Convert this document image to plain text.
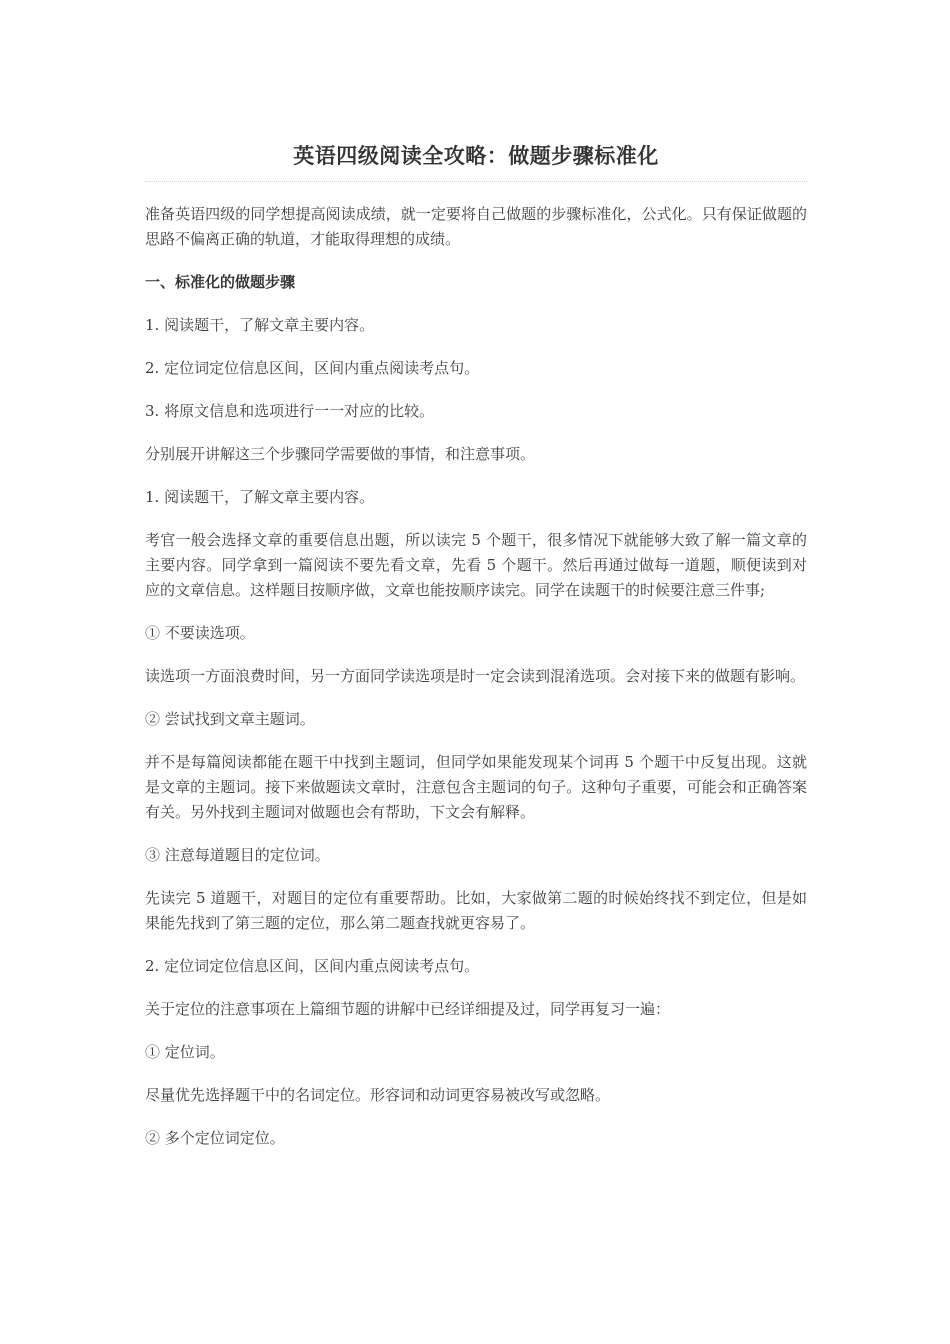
英语四级阅读全攻略：做题步骤标准化

准备英语四级的同学想提高阅读成绩，就一定要将自己做题的步骤标准化，公式化。只有保证做题的思路不偏离正确的轨道，才能取得理想的成绩。

一、标准化的做题步骤

1. 阅读题干，了解文章主要内容。

2. 定位词定位信息区间，区间内重点阅读考点句。

3. 将原文信息和选项进行一一对应的比较。

分别展开讲解这三个步骤同学需要做的事情，和注意事项。

1. 阅读题干，了解文章主要内容。

考官一般会选择文章的重要信息出题，所以读完 5 个题干，很多情况下就能够大致了解一篇文章的主要内容。同学拿到一篇阅读不要先看文章，先看 5 个题干。然后再通过做每一道题，顺便读到对应的文章信息。这样题目按顺序做，文章也能按顺序读完。同学在读题干的时候要注意三件事;

① 不要读选项。

读选项一方面浪费时间，另一方面同学读选项是时一定会读到混淆选项。会对接下来的做题有影响。

② 尝试找到文章主题词。

并不是每篇阅读都能在题干中找到主题词，但同学如果能发现某个词再 5 个题干中反复出现。这就是文章的主题词。接下来做题读文章时，注意包含主题词的句子。这种句子重要，可能会和正确答案有关。另外找到主题词对做题也会有帮助，下文会有解释。

③ 注意每道题目的定位词。

先读完 5 道题干，对题目的定位有重要帮助。比如，大家做第二题的时候始终找不到定位，但是如果能先找到了第三题的定位，那么第二题查找就更容易了。

2. 定位词定位信息区间，区间内重点阅读考点句。

关于定位的注意事项在上篇细节题的讲解中已经详细提及过，同学再复习一遍：

① 定位词。

尽量优先选择题干中的名词定位。形容词和动词更容易被改写或忽略。

② 多个定位词定位。
